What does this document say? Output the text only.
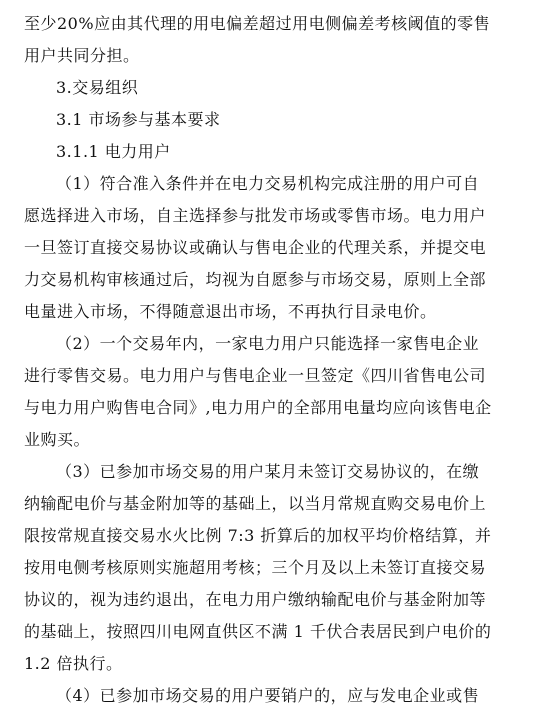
至少20%应由其代理的用电偏差超过用电侧偏差考核阈值的零售
用户共同分担。
3.交易组织
3.1 市场参与基本要求
3.1.1 电力用户
（1）符合准入条件并在电力交易机构完成注册的用户可自
愿选择进入市场，自主选择参与批发市场或零售市场。电力用户
一旦签订直接交易协议或确认与售电企业的代理关系，并提交电
力交易机构审核通过后，均视为自愿参与市场交易，原则上全部
电量进入市场，不得随意退出市场，不再执行目录电价。
（2）一个交易年内，一家电力用户只能选择一家售电企业
进行零售交易。电力用户与售电企业一旦签定《四川省售电公司
与电力用户购售电合同》,电力用户的全部用电量均应向该售电企
业购买。
（3）已参加市场交易的用户某月未签订交易协议的，在缴
纳输配电价与基金附加等的基础上，以当月常规直购交易电价上
限按常规直接交易水火比例 7:3 折算后的加权平均价格结算，并
按用电侧考核原则实施超用考核；三个月及以上未签订直接交易
协议的，视为违约退出，在电力用户缴纳输配电价与基金附加等
的基础上，按照四川电网直供区不满 1 千伏合表居民到户电价的
1.2 倍执行。
（4）已参加市场交易的用户要销户的，应与发电企业或售
